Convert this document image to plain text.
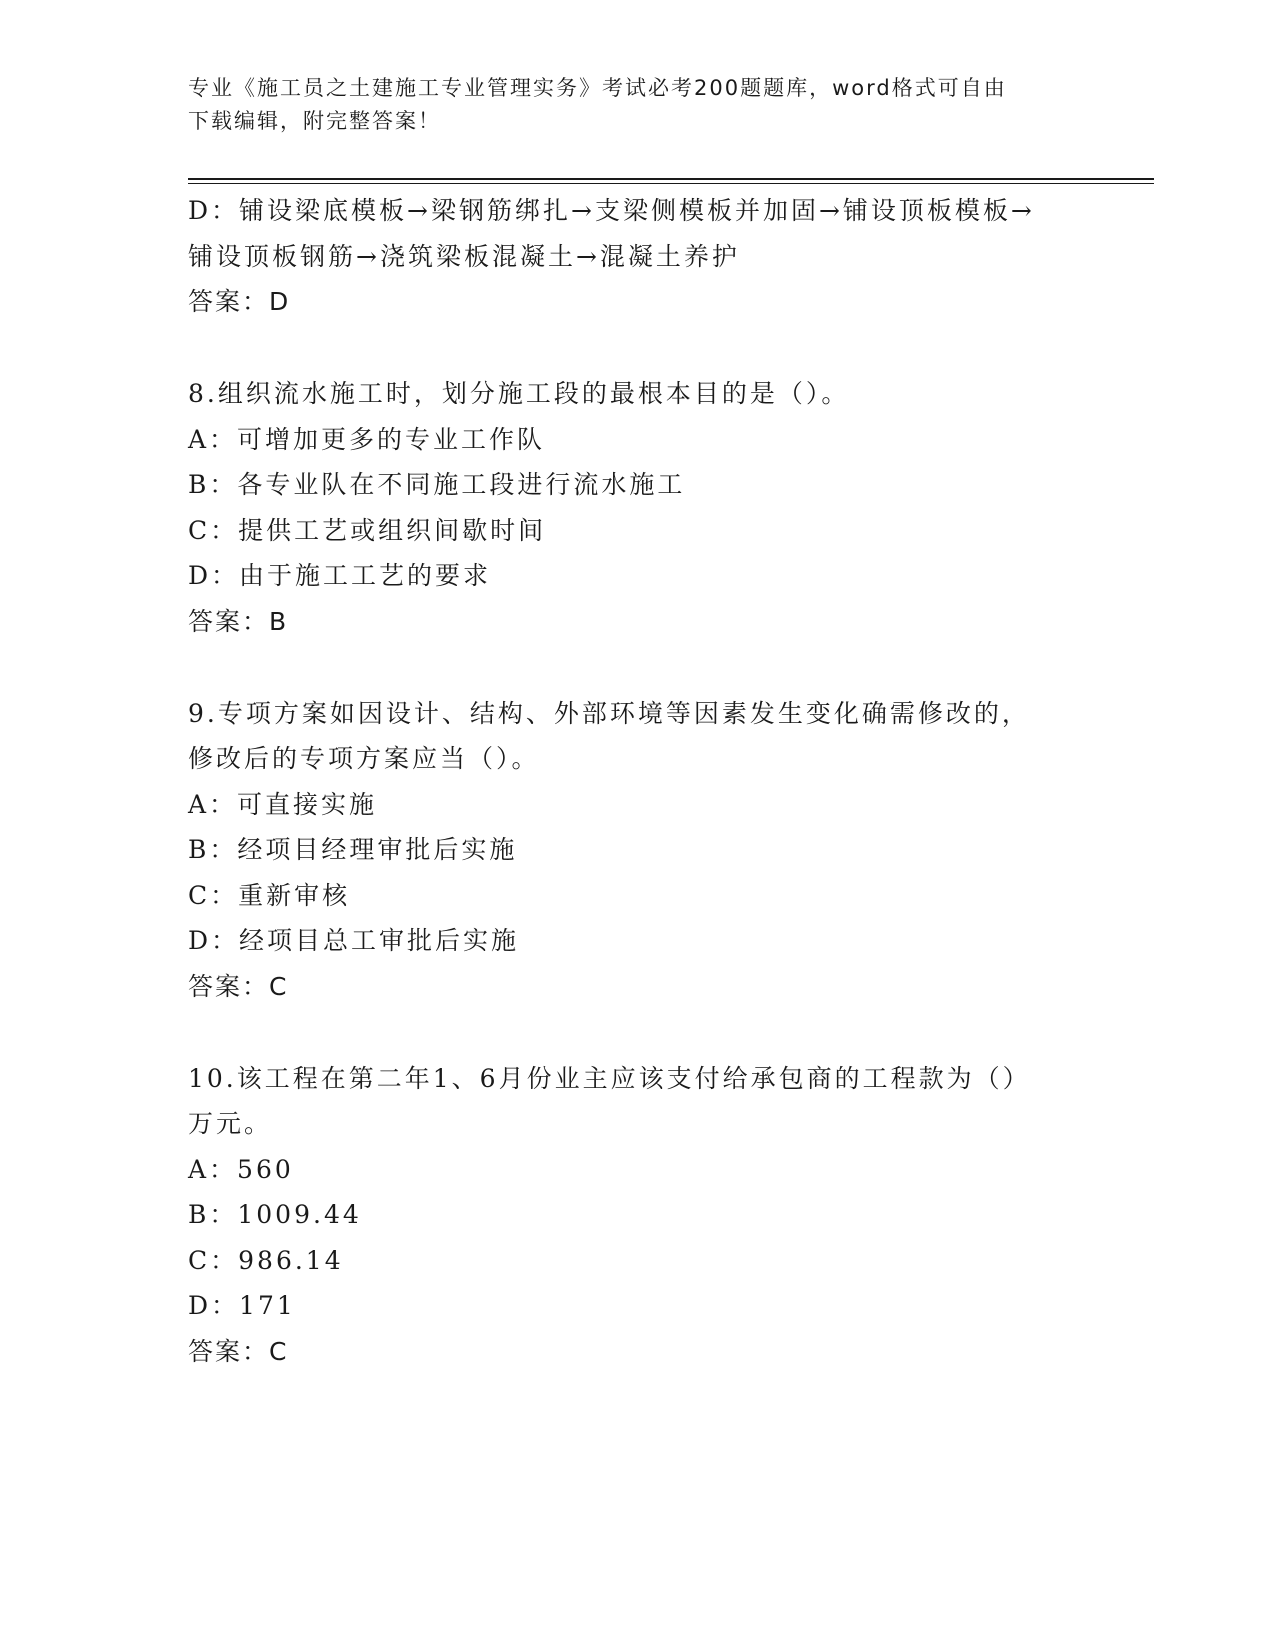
专业《施工员之土建施工专业管理实务》考试必考200题题库，word格式可自由
下载编辑，附完整答案！
D：铺设梁底模板→梁钢筋绑扎→支梁侧模板并加固→铺设顶板模板→
铺设顶板钢筋→浇筑梁板混凝土→混凝土养护
答案：D
8.组织流水施工时，划分施工段的最根本目的是（）。
A：可增加更多的专业工作队
B：各专业队在不同施工段进行流水施工
C：提供工艺或组织间歇时间
D：由于施工工艺的要求
答案：B
9.专项方案如因设计、结构、外部环境等因素发生变化确需修改的，
修改后的专项方案应当（）。
A：可直接实施
B：经项目经理审批后实施
C：重新审核
D：经项目总工审批后实施
答案：C
10.该工程在第二年1、6月份业主应该支付给承包商的工程款为（）
万元。
A：560
B：1009.44
C：986.14
D：171
答案：C
